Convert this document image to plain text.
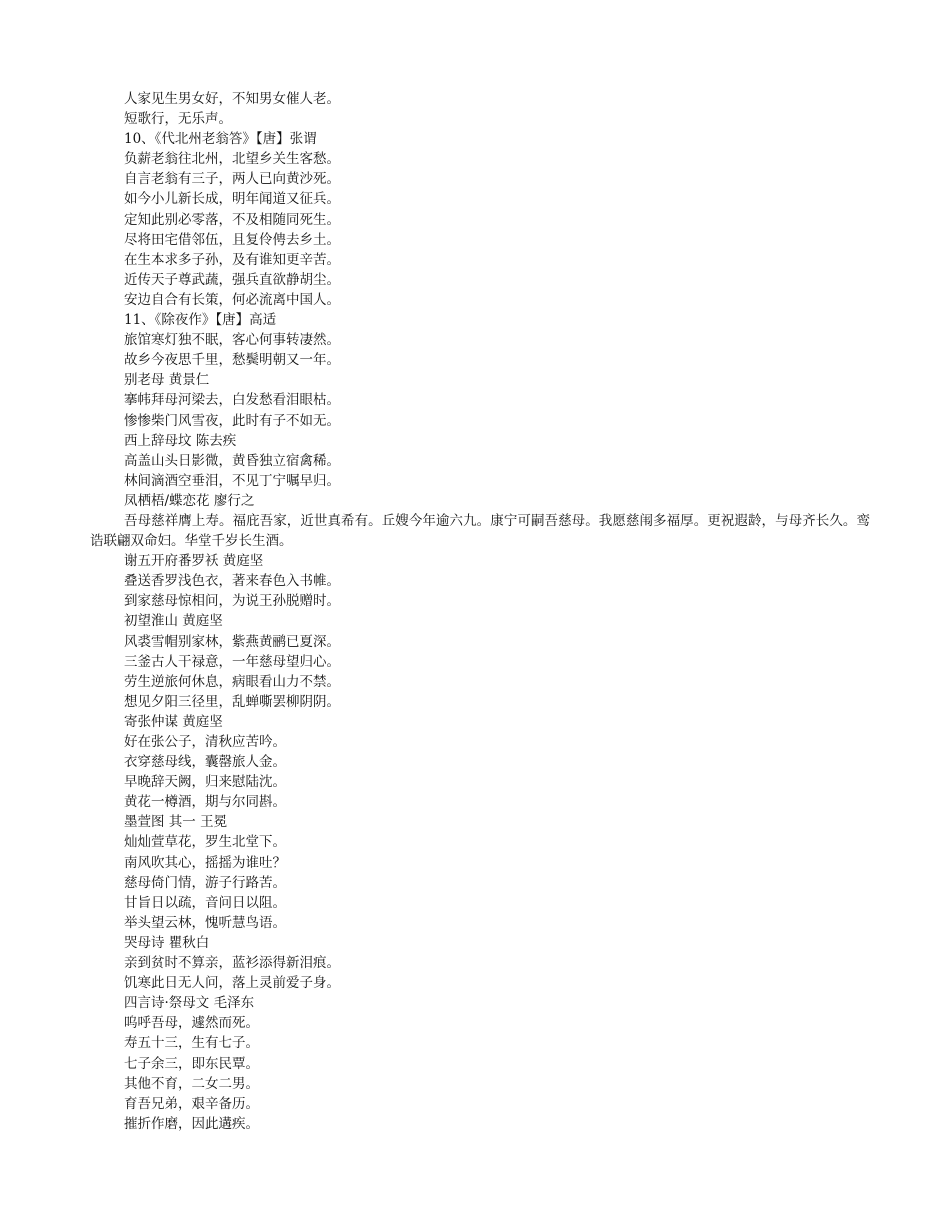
人家见生男女好，不知男女催人老。
短歌行，无乐声。
10、《代北州老翁答》【唐】张谓
负薪老翁往北州，北望乡关生客愁。
自言老翁有三子，两人已向黄沙死。
如今小儿新长成，明年闻道又征兵。
定知此别必零落，不及相随同死生。
尽将田宅借邻伍，且复伶俜去乡土。
在生本求多子孙，及有谁知更辛苦。
近传天子尊武蔬，强兵直欲静胡尘。
安边自合有长策，何必流离中国人。
11、《除夜作》【唐】高适
旅馆寒灯独不眠，客心何事转凄然。
故乡今夜思千里，愁鬓明朝又一年。
别老母 黄景仁
搴帏拜母河梁去，白发愁看泪眼枯。
惨惨柴门风雪夜，此时有子不如无。
西上辞母坟 陈去疾
高盖山头日影微，黄昏独立宿禽稀。
林间滴酒空垂泪，不见丁宁嘱早归。
凤栖梧/蝶恋花 廖行之
吾母慈祥膺上寿。福庇吾家，近世真希有。丘嫂今年逾六九。康宁可嗣吾慈母。我愿慈闱多福厚。更祝遐龄，与母齐长久。鸾诰联翩双命妇。华堂千岁长生酒。
谢五开府番罗袄 黄庭坚
叠送香罗浅色衣，著来春色入书帷。
到家慈母惊相问，为说王孙脱赠时。
初望淮山 黄庭坚
风裘雪帽别家林，紫燕黄鹂已夏深。
三釜古人干禄意，一年慈母望归心。
劳生逆旅何休息，病眼看山力不禁。
想见夕阳三径里，乱蝉嘶罢柳阴阴。
寄张仲谋 黄庭坚
好在张公子，清秋应苦吟。
衣穿慈母线，囊罄旅人金。
早晚辞天阙，归来慰陆沈。
黄花一樽酒，期与尔同斟。
墨萱图 其一 王冕
灿灿萱草花，罗生北堂下。
南风吹其心，摇摇为谁吐？
慈母倚门情，游子行路苦。
甘旨日以疏，音问日以阻。
举头望云林，愧听慧鸟语。
哭母诗 瞿秋白
亲到贫时不算亲，蓝衫添得新泪痕。
饥寒此日无人问，落上灵前爱子身。
四言诗·祭母文 毛泽东
呜呼吾母，遽然而死。
寿五十三，生有七子。
七子余三，即东民覃。
其他不育，二女二男。
育吾兄弟，艰辛备历。
摧折作磨，因此遘疾。
